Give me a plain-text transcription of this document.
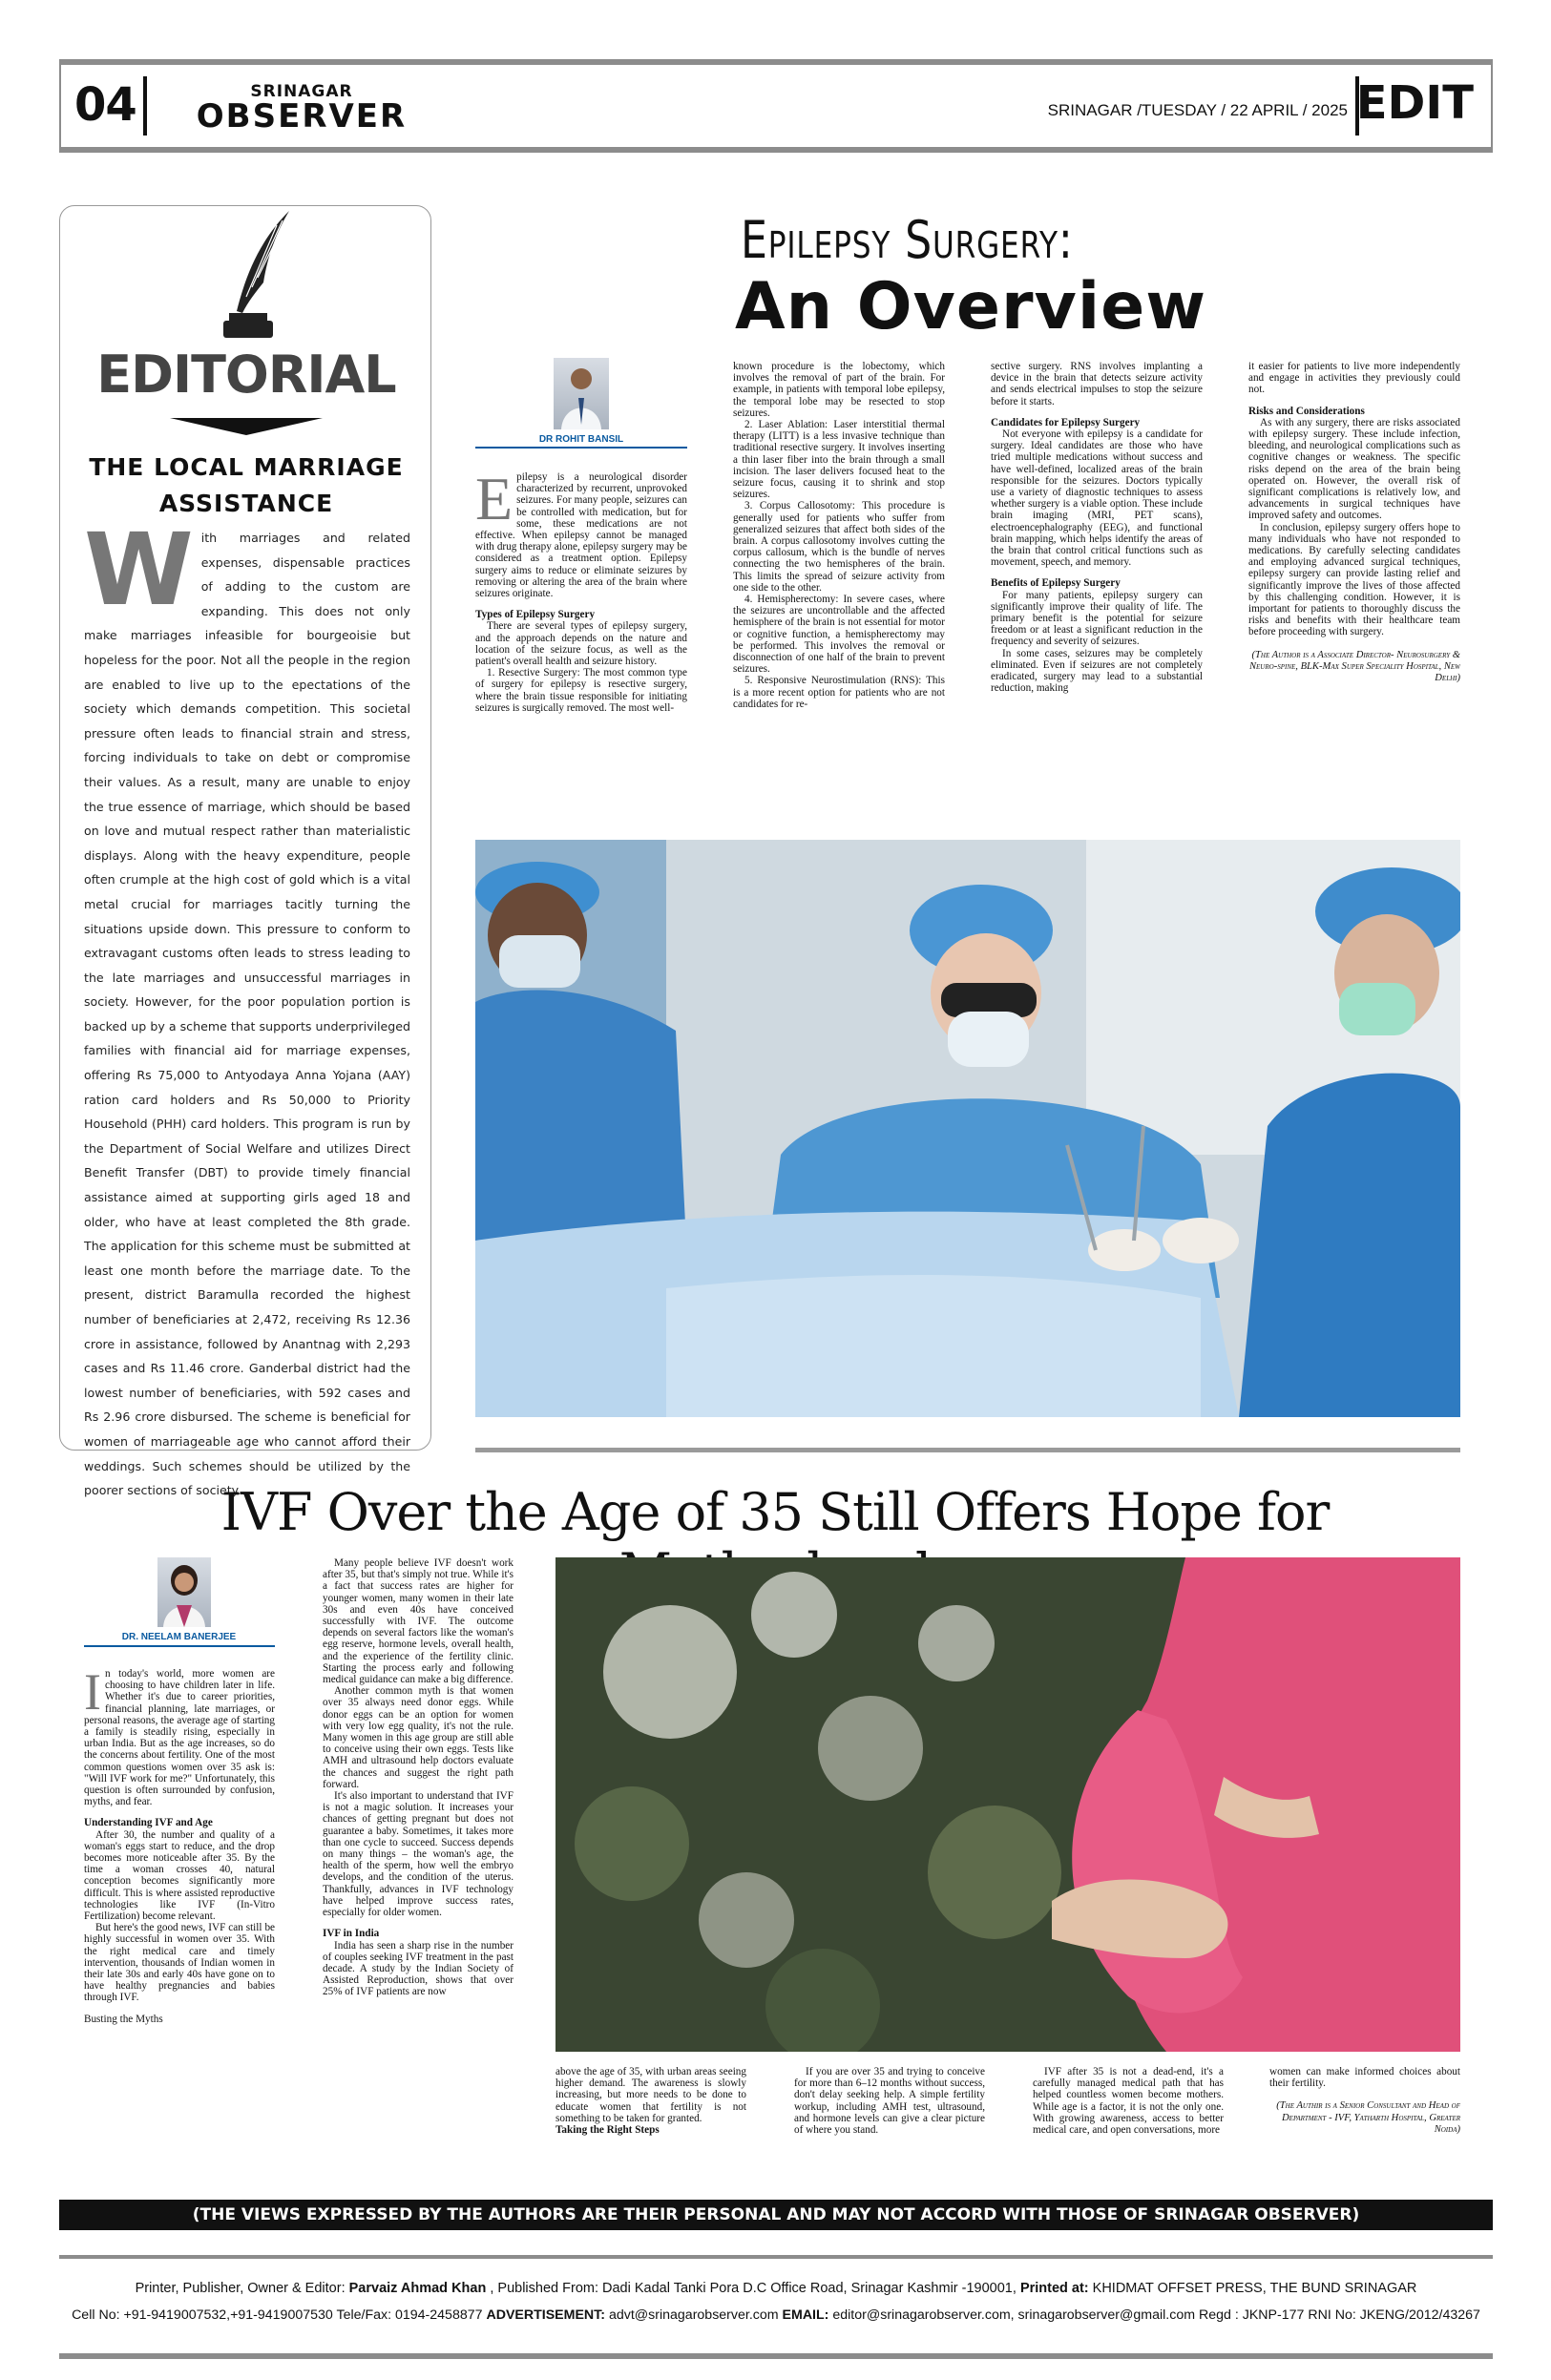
04	SRINAGAR
OBSERVER	SRINAGAR /TUESDAY / 22 APRIL / 2025 EDIT
EDITORIAL
THE LOCAL MARRIAGE ASSISTANCE
With marriages and related expenses, dispensable practices of adding to the custom are expanding. This does not only make marriages infeasible for bourgeoisie but hopeless for the poor. Not all the people in the region are enabled to live up to the epectations of the society which demands competition. This societal pressure often leads to financial strain and stress, forcing individuals to take on debt or compromise their values. As a result, many are unable to enjoy the true essence of marriage, which should be based on love and mutual respect rather than materialistic displays. Along with the heavy expenditure, people often crumple at the high cost of gold which is a vital metal crucial for marriages tacitly turning the situations upside down. This pressure to conform to extravagant customs often leads to stress leading to the late marriages and unsuccessful marriages in society. However, for the poor population portion is backed up by a scheme that supports underprivileged families with financial aid for marriage expenses, offering Rs 75,000 to Antyodaya Anna Yojana (AAY) ration card holders and Rs 50,000 to Priority Household (PHH) card holders. This program is run by the Department of Social Welfare and utilizes Direct Benefit Transfer (DBT) to provide timely financial assistance aimed at supporting girls aged 18 and older, who have at least completed the 8th grade. The application for this scheme must be submitted at least one month before the marriage date. To the present, district Baramulla recorded the highest number of beneficiaries at 2,472, receiving Rs 12.36 crore in assistance, followed by Anantnag with 2,293 cases and Rs 11.46 crore. Ganderbal district had the lowest number of beneficiaries, with 592 cases and Rs 2.96 crore disbursed. The scheme is beneficial for women of marriageable age who cannot afford their weddings. Such schemes should be utilized by the poorer sections of society.
Epilepsy Surgery:
An Overview
DR ROHIT BANSIL

Epilepsy is a neurological disorder characterized by recurrent, unprovoked seizures. For many people, seizures can be controlled with medication, but for some, these medications are not effective. When epilepsy cannot be managed with drug therapy alone, epilepsy surgery may be considered as a treatment option. Epilepsy surgery aims to reduce or eliminate seizures by removing or altering the area of the brain where seizures originate.

Types of Epilepsy Surgery

There are several types of epilepsy surgery, and the approach depends on the nature and location of the seizure focus, as well as the patient's overall health and seizure history.

1. Resective Surgery: The most common type of surgery for epilepsy is resective surgery, where the brain tissue responsible for initiating seizures is surgically removed. The most well-

known procedure is the lobectomy, which involves the removal of part of the brain. For example, in patients with temporal lobe epilepsy, the temporal lobe may be resected to stop seizures.

2. Laser Ablation: Laser interstitial thermal therapy (LITT) is a less invasive technique than traditional resective surgery. It involves inserting a thin laser fiber into the brain through a small incision. The laser delivers focused heat to the seizure focus, causing it to shrink and stop seizures.

3. Corpus Callosotomy: This procedure is generally used for patients who suffer from generalized seizures that affect both sides of the brain. A corpus callosotomy involves cutting the corpus callosum, which is the bundle of nerves connecting the two hemispheres of the brain. This limits the spread of seizure activity from one side to the other.

4. Hemispherectomy: In severe cases, where the seizures are uncontrollable and the affected hemisphere of the brain is not essential for motor or cognitive function, a hemispherectomy may be performed. This involves the removal or disconnection of one half of the brain to prevent seizures.

5. Responsive Neurostimulation (RNS): This is a more recent option for patients who are not candidates for re-

sective surgery. RNS involves implanting a device in the brain that detects seizure activity and sends electrical impulses to stop the seizure before it starts.

Candidates for Epilepsy Surgery

Not everyone with epilepsy is a candidate for surgery. Ideal candidates are those who have tried multiple medications without success and have well-defined, localized areas of the brain responsible for the seizures. Doctors typically use a variety of diagnostic techniques to assess whether surgery is a viable option. These include brain imaging (MRI, PET scans), electroencephalography (EEG), and functional brain mapping, which helps identify the areas of the brain that control critical functions such as movement, speech, and memory.

Benefits of Epilepsy Surgery

For many patients, epilepsy surgery can significantly improve their quality of life. The primary benefit is the potential for seizure freedom or at least a significant reduction in the frequency and severity of seizures.

In some cases, seizures may be completely eliminated. Even if seizures are not completely eradicated, surgery may lead to a substantial reduction, making

it easier for patients to live more independently and engage in activities they previously could not.

Risks and Considerations

As with any surgery, there are risks associated with epilepsy surgery. These include infection, bleeding, and neurological complications such as cognitive changes or weakness. The specific risks depend on the area of the brain being operated on. However, the overall risk of significant complications is relatively low, and advancements in surgical techniques have improved safety and outcomes.

In conclusion, epilepsy surgery offers hope to many individuals who have not responded to medications. By carefully selecting candidates and employing advanced surgical techniques, epilepsy surgery can provide lasting relief and significantly improve the lives of those affected by this challenging condition. However, it is important for patients to thoroughly discuss the risks and benefits with their healthcare team before proceeding with surgery.

(The Author is a Associate Director- Neurosurgery & Neuro-spine, BLK-Max Super Speciality Hospital, New Delhi)

IVF Over the Age of 35 Still Offers Hope for
DR. NEELAM BANERJEE

In today's world, more women are choosing to have children later in life. Whether it's due to career priorities, financial planning, late marriages, or personal reasons, the average age of starting a family is steadily rising, especially in urban India. But as the age increases, so do the concerns about fertility. One of the most common questions women over 35 ask is: "Will IVF work for me?" Unfortunately, this question is often surrounded by confusion, myths, and fear.

Understanding IVF and Age

After 30, the number and quality of a woman's eggs start to reduce, and the drop becomes more noticeable after 35. By the time a woman crosses 40, natural conception becomes significantly more difficult. This is where assisted reproductive technologies like IVF (In-Vitro Fertilization) become relevant.

But here's the good news, IVF can still be highly successful in women over 35. With the right medical care and timely intervention, thousands of Indian women in their late 30s and early 40s have gone on to have healthy pregnancies and babies through IVF.

Busting the Myths

Many people believe IVF doesn't work after 35, but that's simply not true. While it's a fact that success rates are higher for younger women, many women in their late 30s and even 40s have conceived successfully with IVF. The outcome depends on several factors like the woman's egg reserve, hormone levels, overall health, and the experience of the fertility clinic. Starting the process early and following medical guidance can make a big difference.

Another common myth is that women over 35 always need donor eggs. While donor eggs can be an option for women with very low egg quality, it's not the rule. Many women in this age group are still able to conceive using their own eggs. Tests like AMH and ultrasound help doctors evaluate the chances and suggest the right path forward.

It's also important to understand that IVF is not a magic solution. It increases your chances of getting pregnant but does not guarantee a baby. Sometimes, it takes more than one cycle to succeed. Success depends on many things – the woman's age, the health of the sperm, how well the embryo develops, and the condition of the uterus. Thankfully, advances in IVF technology have helped improve success rates, especially for older women.

IVF in India

India has seen a sharp rise in the number of couples seeking IVF treatment in the past decade. A study by the Indian Society of Assisted Reproduction, shows that over 25% of IVF patients are now

above the age of 35, with urban areas seeing higher demand. The awareness is slowly increasing, but more needs to be done to educate women that fertility is not something to be taken for granted.

Taking the Right Steps

If you are over 35 and trying to conceive for more than 6–12 months without success, don't delay seeking help. A simple fertility workup, including AMH test, ultrasound, and hormone levels can give a clear picture of where you stand.

IVF after 35 is not a dead-end, it's a carefully managed medical path that has helped countless women become mothers. While age is a factor, it is not the only one. With growing awareness, access to better medical care, and open conversations, more

women can make informed choices about their fertility.

(The Authir is a Senior Consultant and Head of Department - IVF, Yatharth Hospital, Greater Noida)

(THE VIEWS EXPRESSED BY THE AUTHORS ARE THEIR PERSONAL AND MAY NOT ACCORD WITH THOSE OF SRINAGAR OBSERVER)
Printer, Publisher, Owner & Editor: Parvaiz Ahmad Khan , Published From: Dadi Kadal Tanki Pora D.C Office Road, Srinagar Kashmir -190001, Printed at: KHIDMAT OFFSET PRESS, THE BUND SRINAGAR
Cell No: +91-9419007532,+91-9419007530 Tele/Fax: 0194-2458877 ADVERTISEMENT: advt@srinagarobserver.com EMAIL: editor@srinagarobserver.com, srinagarobserver@gmail.com Regd : JKNP-177 RNI No: JKENG/2012/43267
